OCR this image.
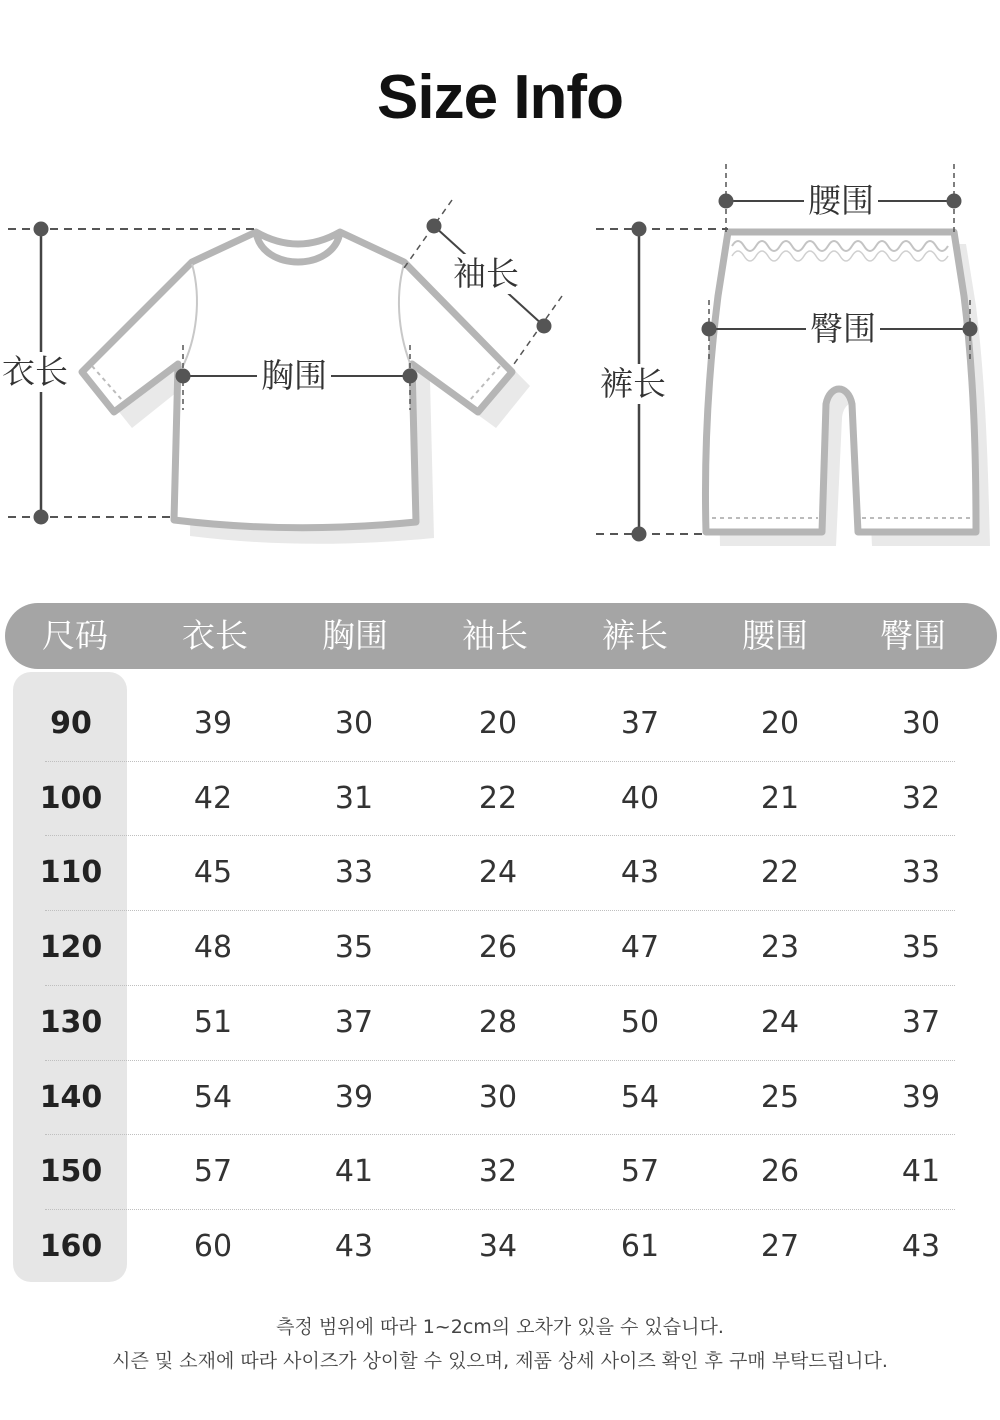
Size Info
衣长	胸围
袖长
裤长
腰围
臀围
尺码	衣长	胸围	袖长	裤长	腰围	臀围
90	39	30	20	37	20	30
100	42	31	22	40	21	32
110	45	33	24	43	22	33
120	48	35	26	47	23	35
130	51	37	28	50	24	37
140	54	39	30	54	25	39
150	57	41	32	57	26	41
160	60	43	34	61	27	43
측정 범위에 따라 1~2cm의 오차가 있을 수 있습니다.
시즌 및 소재에 따라 사이즈가 상이할 수 있으며, 제품 상세 사이즈 확인 후 구매 부탁드립니다.
